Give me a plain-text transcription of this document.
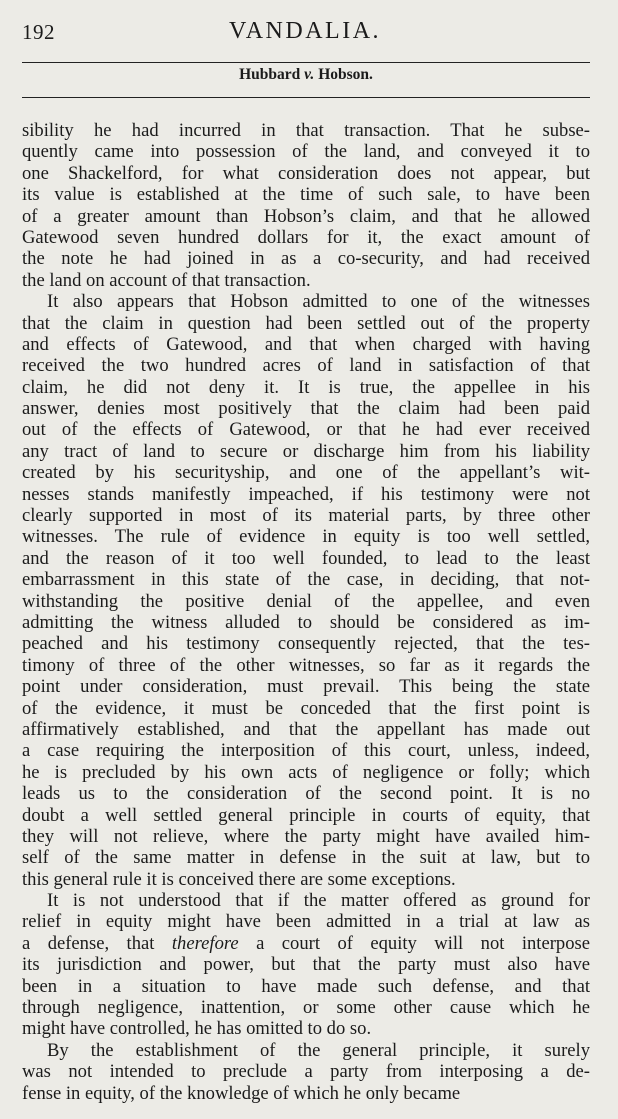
192	VANDALIA.
Hubbard v. Hobson.
sibility he had incurred in that transaction. That he subse-
quently came into possession of the land, and conveyed it to
one Shackelford, for what consideration does not appear, but
its value is established at the time of such sale, to have been
of a greater amount than Hobson’s claim, and that he allowed
Gatewood seven hundred dollars for it, the exact amount of
the note he had joined in as a co-security, and had received
the land on account of that transaction.
It also appears that Hobson admitted to one of the witnesses
that the claim in question had been settled out of the property
and effects of Gatewood, and that when charged with having
received the two hundred acres of land in satisfaction of that
claim, he did not deny it. It is true, the appellee in his
answer, denies most positively that the claim had been paid
out of the effects of Gatewood, or that he had ever received
any tract of land to secure or discharge him from his liability
created by his securityship, and one of the appellant’s wit-
nesses stands manifestly impeached, if his testimony were not
clearly supported in most of its material parts, by three other
witnesses. The rule of evidence in equity is too well settled,
and the reason of it too well founded, to lead to the least
embarrassment in this state of the case, in deciding, that not-
withstanding the positive denial of the appellee, and even
admitting the witness alluded to should be considered as im-
peached and his testimony consequently rejected, that the tes-
timony of three of the other witnesses, so far as it regards the
point under consideration, must prevail. This being the state
of the evidence, it must be conceded that the first point is
affirmatively established, and that the appellant has made out
a case requiring the interposition of this court, unless, indeed,
he is precluded by his own acts of negligence or folly; which
leads us to the consideration of the second point. It is no
doubt a well settled general principle in courts of equity, that
they will not relieve, where the party might have availed him-
self of the same matter in defense in the suit at law, but to
this general rule it is conceived there are some exceptions.
It is not understood that if the matter offered as ground for
relief in equity might have been admitted in a trial at law as
a defense, that therefore a court of equity will not interpose
its jurisdiction and power, but that the party must also have
been in a situation to have made such defense, and that
through negligence, inattention, or some other cause which he
might have controlled, he has omitted to do so.
By the establishment of the general principle, it surely
was not intended to preclude a party from interposing a de-
fense in equity, of the knowledge of which he only became
